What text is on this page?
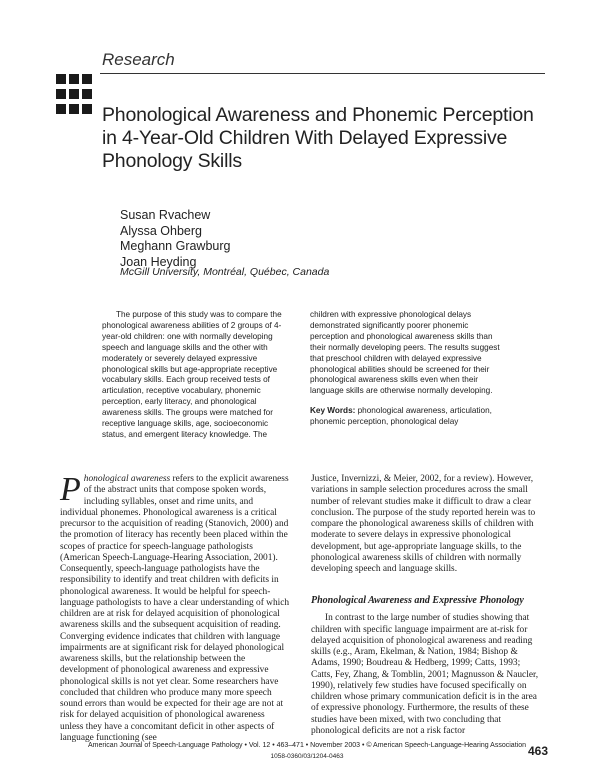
Research
Phonological Awareness and Phonemic Perception in 4-Year-Old Children With Delayed Expressive Phonology Skills
Susan Rvachew
Alyssa Ohberg
Meghann Grawburg
Joan Heyding
McGill University, Montréal, Québec, Canada
The purpose of this study was to compare the phonological awareness abilities of 2 groups of 4-year-old children: one with normally developing speech and language skills and the other with moderately or severely delayed expressive phonological skills but age-appropriate receptive vocabulary skills. Each group received tests of articulation, receptive vocabulary, phonemic perception, early literacy, and phonological awareness skills. The groups were matched for receptive language skills, age, socioeconomic status, and emergent literacy knowledge. The

children with expressive phonological delays demonstrated significantly poorer phonemic perception and phonological awareness skills than their normally developing peers. The results suggest that preschool children with delayed expressive phonological abilities should be screened for their phonological awareness skills even when their language skills are otherwise normally developing.

Key Words: phonological awareness, articulation, phonemic perception, phonological delay

Phonological awareness refers to the explicit awareness of the abstract units that compose spoken words, including syllables, onset and rime units, and individual phonemes. Phonological awareness is a critical precursor to the acquisition of reading (Stanovich, 2000) and the promotion of literacy has recently been placed within the scopes of practice for speech-language pathologists (American Speech-Language-Hearing Association, 2001). Consequently, speech-language pathologists have the responsibility to identify and treat children with deficits in phonological awareness. It would be helpful for speech-language pathologists to have a clear understanding of which children are at risk for delayed acquisition of phonological awareness skills and the subsequent acquisition of reading. Converging evidence indicates that children with language impairments are at significant risk for delayed phonological awareness skills, but the relationship between the development of phonological awareness and expressive phonological skills is not yet clear. Some researchers have concluded that children who produce many more speech sound errors than would be expected for their age are not at risk for delayed acquisition of phonological awareness unless they have a concomitant deficit in other aspects of language functioning (see

Justice, Invernizzi, & Meier, 2002, for a review). However, variations in sample selection procedures across the small number of relevant studies make it difficult to draw a clear conclusion. The purpose of the study reported herein was to compare the phonological awareness skills of children with moderate to severe delays in expressive phonological development, but age-appropriate language skills, to the phonological awareness skills of children with normally developing speech and language skills.

Phonological Awareness and Expressive Phonology

In contrast to the large number of studies showing that children with specific language impairment are at-risk for delayed acquisition of phonological awareness and reading skills (e.g., Aram, Ekelman, & Nation, 1984; Bishop & Adams, 1990; Boudreau & Hedberg, 1999; Catts, 1993; Catts, Fey, Zhang, & Tomblin, 2001; Magnusson & Naucler, 1990), relatively few studies have focused specifically on children whose primary communication deficit is in the area of expressive phonology. Furthermore, the results of these studies have been mixed, with two concluding that phonological deficits are not a risk factor

American Journal of Speech-Language Pathology • Vol. 12 • 463–471 • November 2003 • © American Speech-Language-Hearing Association
1058-0360/03/1204-0463	463
